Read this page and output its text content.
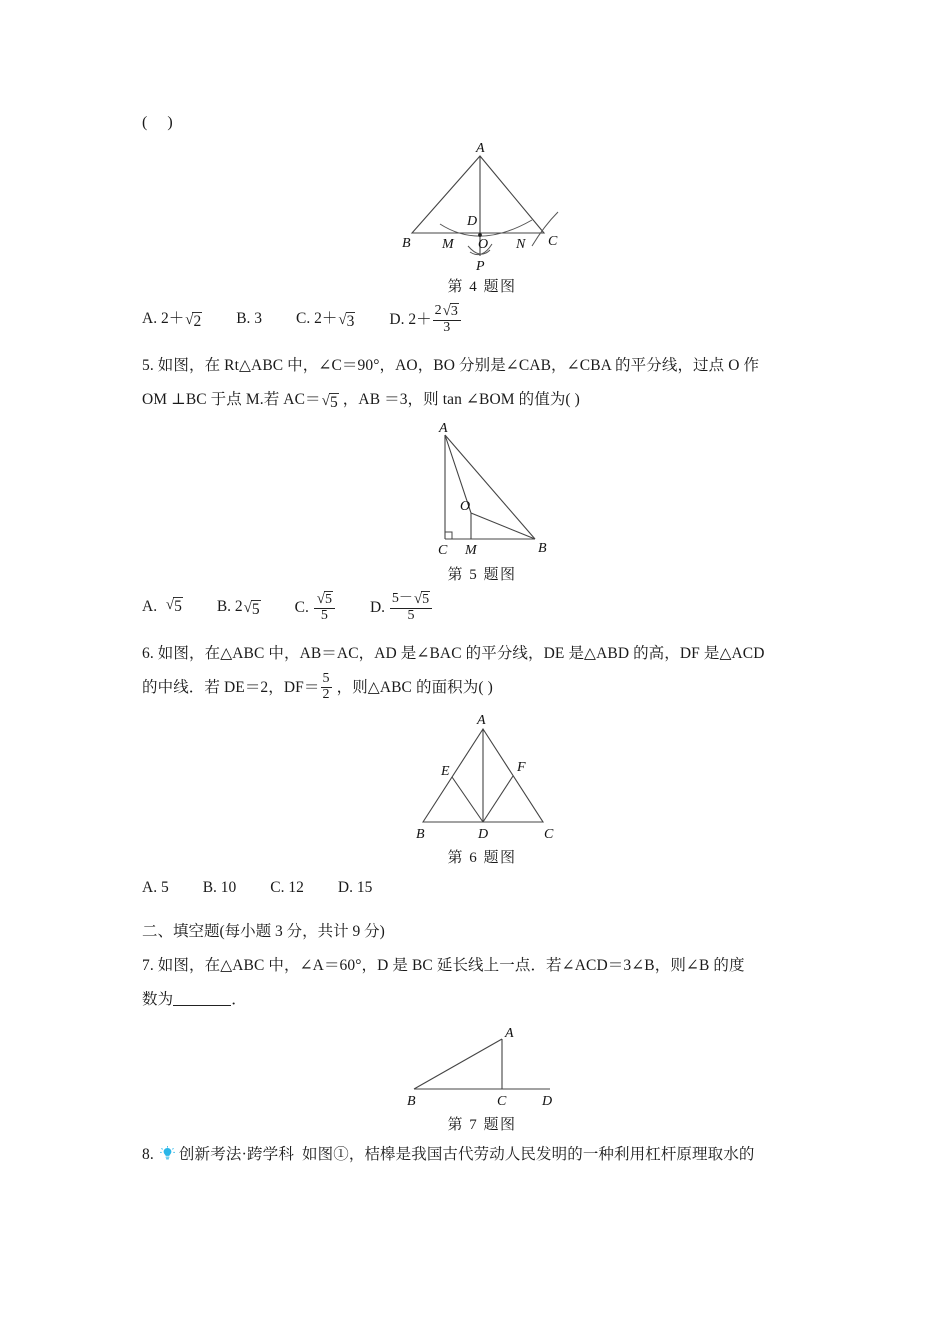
( )
A
B	C
D
M	N
O
P
第 4 题图
A.
2＋ √ 2 B.
3 C.
2＋ √ 3 D.
$2+ \frac{2 √ 3}{3}$
5. 如图，在 Rt△ABC 中，∠C＝90°，AO，BO 分别是∠CAB，∠CBA 的平分线，过点 O 作
OM ⊥BC 于点 M.若 AC＝ √ 5 ，AB ＝3，则 tan ∠BOM 的值为( )
A
C M	B
O
第 5 题图
A.
√ 5 B.
2 √ 5 C.
$\frac{√ 5}{5} D$.
$\frac{5- √ 5}{5}$
6. 如图，在△ABC 中，AB＝AC，AD 是∠BAC 的平分线，DE 是△ABD 的高，DF 是△ACD
的中线．若 DE＝2，$DF= \frac{5}{2}$ ，则△ABC 的面积为( )
A
E	F
B	D	C
第 6 题图
A.
5 B.
10 C.
12 D.
15
二、填空题(每小题 3 分，共计 9 分)
7. 如图，在△ABC 中，∠A＝60°，D 是 BC 延长线上一点．若∠ACD＝3∠B，则∠B 的度
数为	．
A
B	C	D
第 7 题图
8. 创新考法·跨学科 如图①，桔槔是我国古代劳动人民发明的一种利用杠杆原理取水的
